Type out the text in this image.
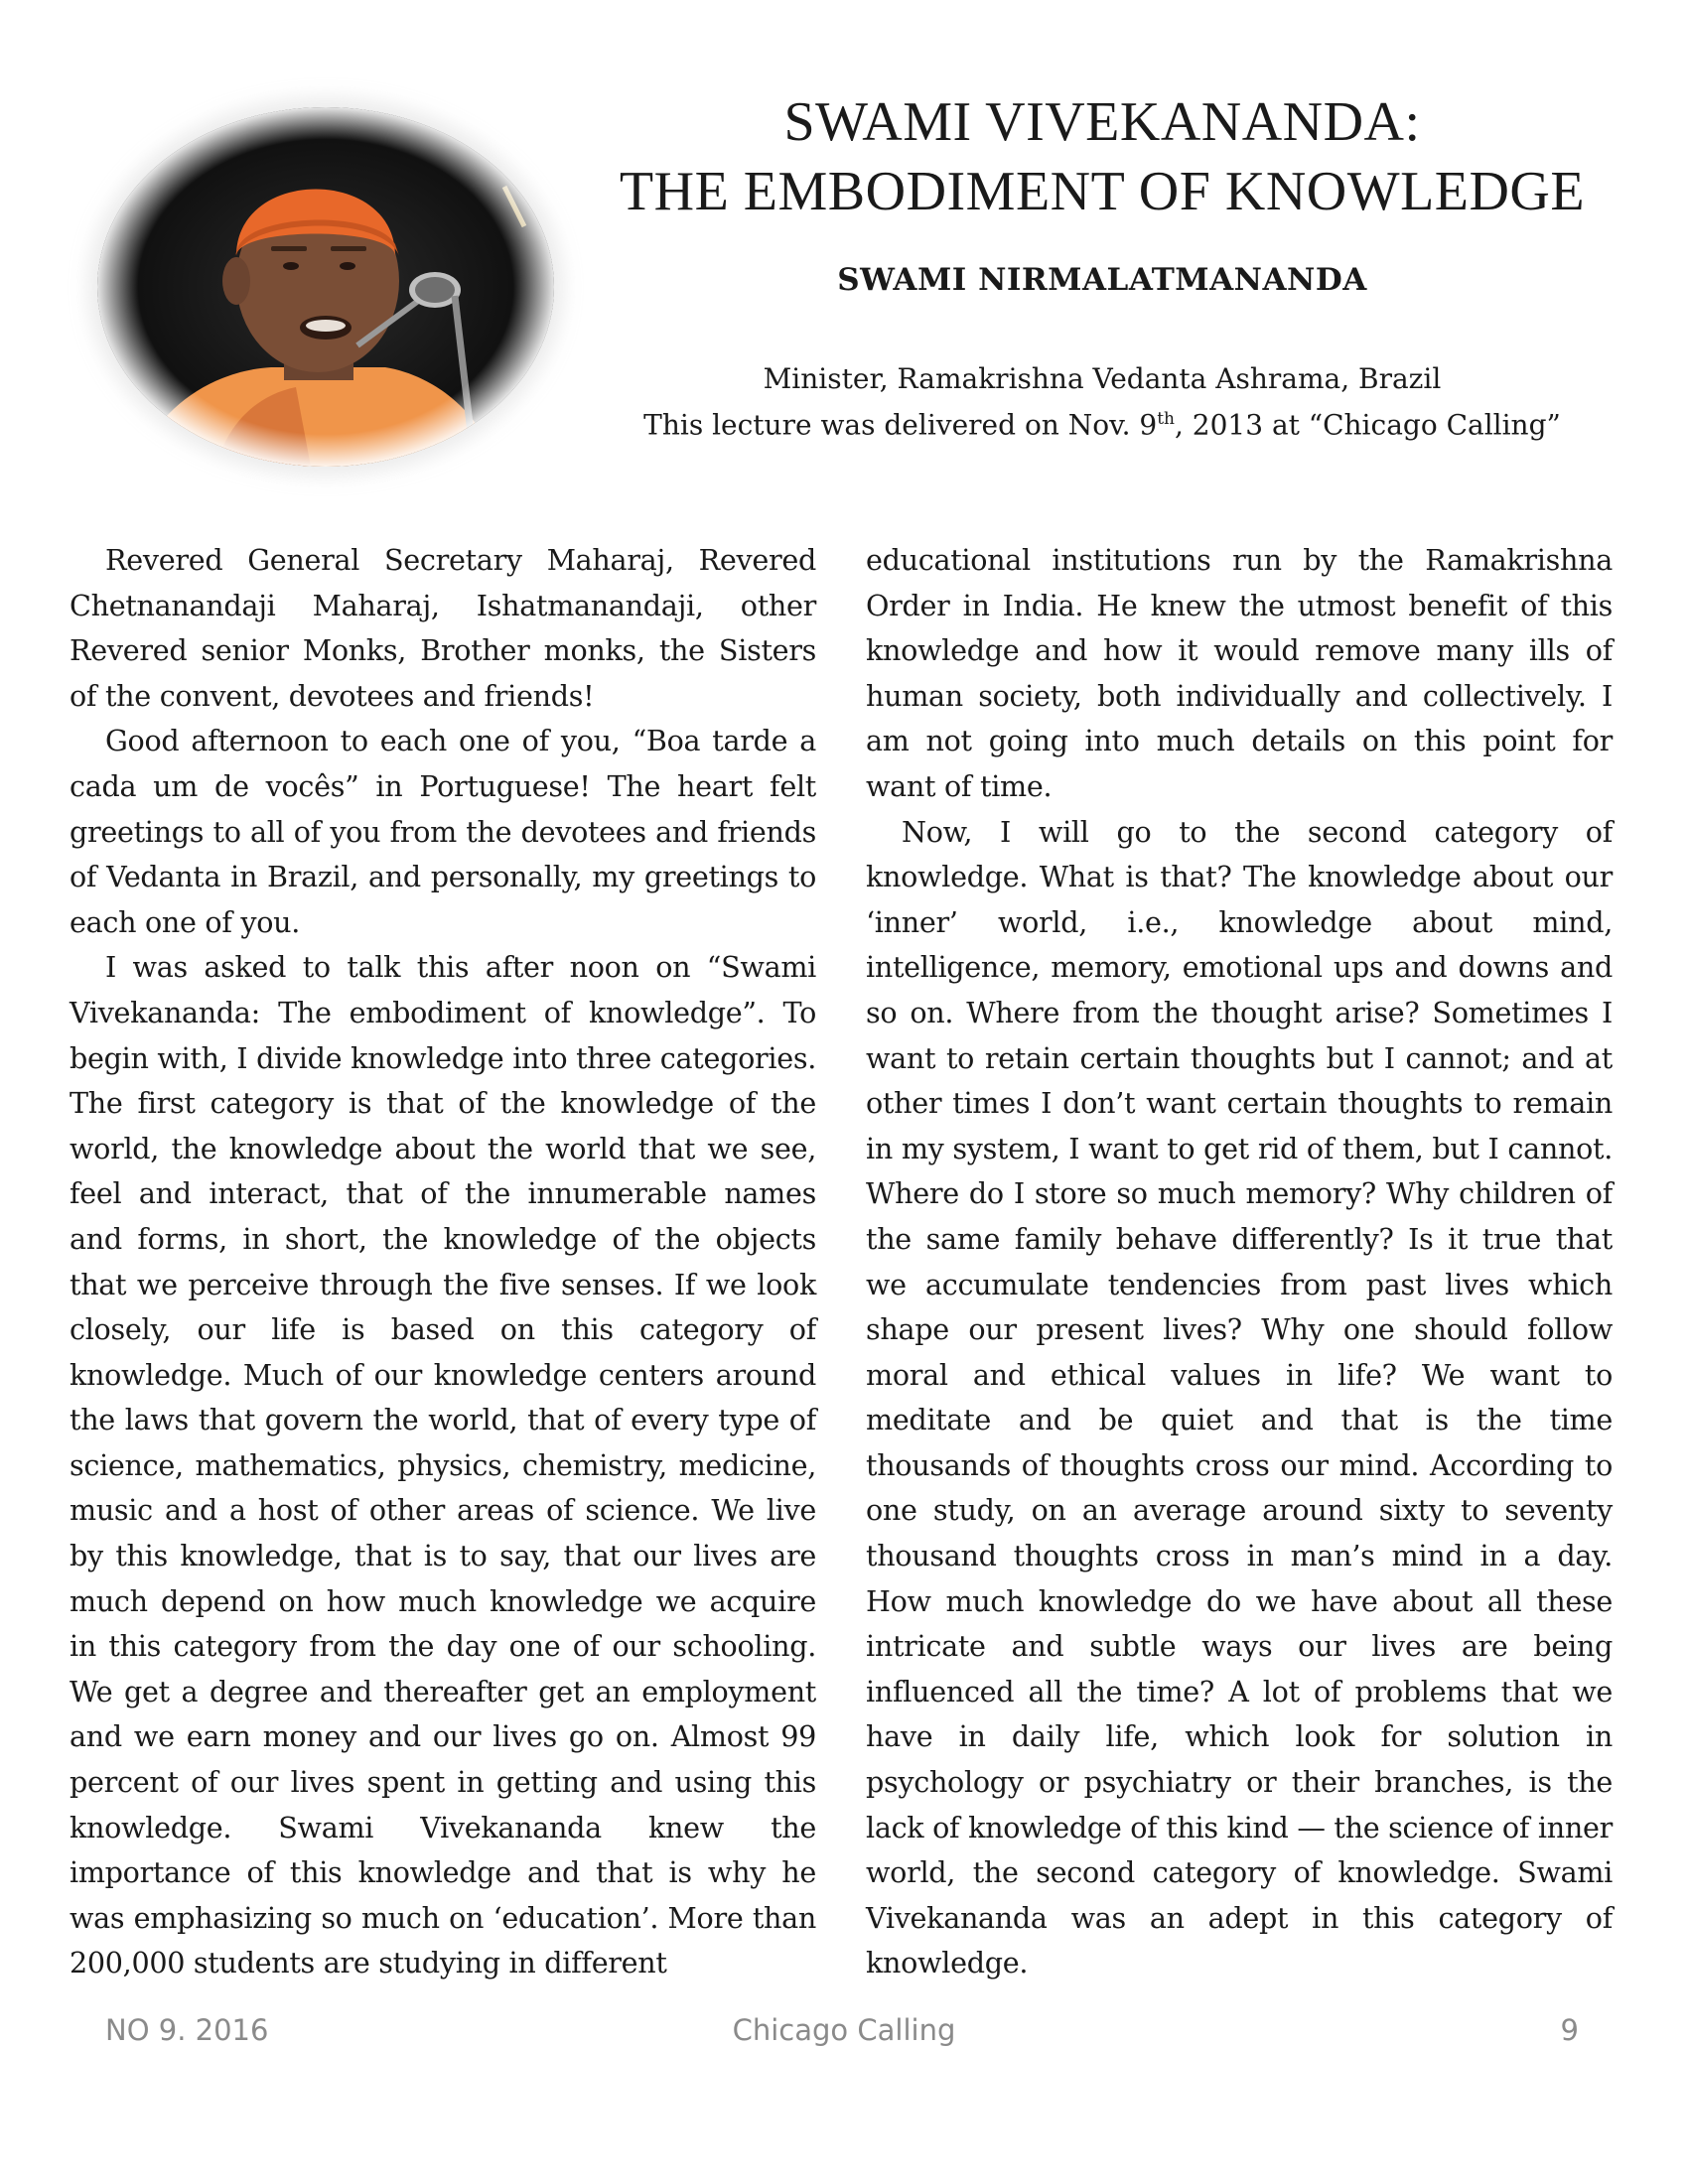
SWAMI VIVEKANANDA:
THE EMBODIMENT OF KNOWLEDGE
SWAMI NIRMALATMANANDA
Minister, Ramakrishna Vedanta Ashrama, Brazil
This lecture was delivered on Nov. 9th, 2013 at “Chicago Calling”

Revered General Secretary Maharaj, Revered Chetnanandaji Maharaj, Ishatmanandaji, other Revered senior Monks, Brother monks, the Sisters of the convent, devotees and friends!

Good afternoon to each one of you, “Boa tarde a cada um de vocês” in Portuguese! The heart felt greetings to all of you from the devotees and friends of Vedanta in Brazil, and personally, my greetings to each one of you.

I was asked to talk this after noon on “Swami Vivekananda: The embodiment of knowledge”. To begin with, I divide knowledge into three categories. The first category is that of the knowledge of the world, the knowledge about the world that we see, feel and interact, that of the innumerable names and forms, in short, the knowledge of the objects that we perceive through the five senses. If we look closely, our life is based on this category of knowledge. Much of our knowledge centers around the laws that govern the world, that of every type of science, mathematics, physics, chemistry, medicine, music and a host of other areas of science. We live by this knowledge, that is to say, that our lives are much depend on how much knowledge we acquire in this category from the day one of our schooling. We get a degree and thereafter get an employment and we earn money and our lives go on. Almost 99 percent of our lives spent in getting and using this knowledge. Swami Vivekananda knew the importance of this knowledge and that is why he was emphasizing so much on ‘education’. More than 200,000 students are studying in different

educational institutions run by the Ramakrishna Order in India. He knew the utmost benefit of this knowledge and how it would remove many ills of human society, both individually and collectively. I am not going into much details on this point for want of time.

Now, I will go to the second category of knowledge. What is that? The knowledge about our ‘inner’ world, i.e., knowledge about mind, intelligence, memory, emotional ups and downs and so on. Where from the thought arise? Sometimes I want to retain certain thoughts but I cannot; and at other times I don’t want certain thoughts to remain in my system, I want to get rid of them, but I cannot. Where do I store so much memory? Why children of the same family behave differently? Is it true that we accumulate tendencies from past lives which shape our present lives? Why one should follow moral and ethical values in life? We want to meditate and be quiet and that is the time thousands of thoughts cross our mind. According to one study, on an average around sixty to seventy thousand thoughts cross in man’s mind in a day. How much knowledge do we have about all these intricate and subtle ways our lives are being influenced all the time? A lot of problems that we have in daily life, which look for solution in psychology or psychiatry or their branches, is the lack of knowledge of this kind — the science of inner world, the second category of knowledge. Swami Vivekananda was an adept in this category of knowledge.

NO 9. 2016	Chicago Calling	9
